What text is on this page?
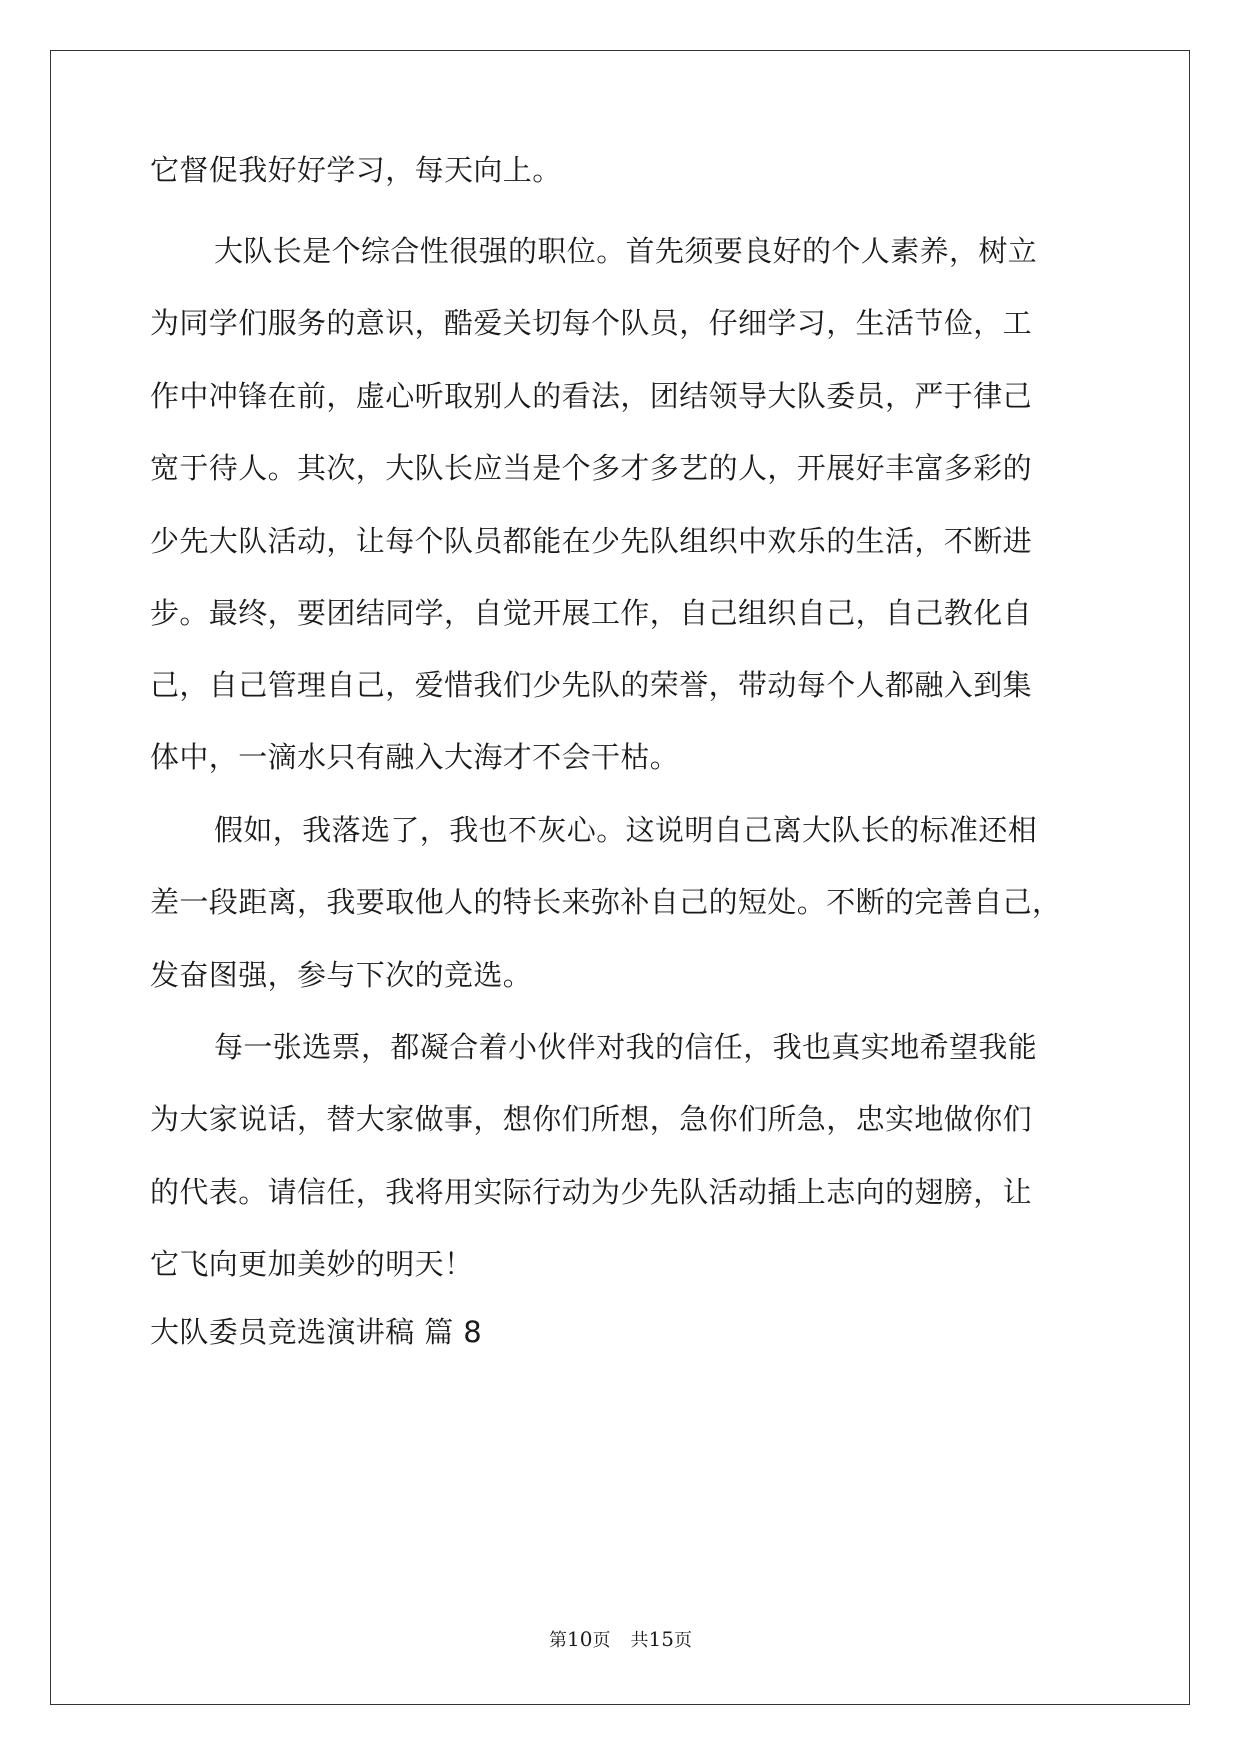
它督促我好好学习，每天向上。
大队长是个综合性很强的职位。首先须要良好的个人素养，树立
为同学们服务的意识，酷爱关切每个队员，仔细学习，生活节俭，工
作中冲锋在前，虚心听取别人的看法，团结领导大队委员，严于律己
宽于待人。其次，大队长应当是个多才多艺的人，开展好丰富多彩的
少先大队活动，让每个队员都能在少先队组织中欢乐的生活，不断进
步。最终，要团结同学，自觉开展工作，自己组织自己，自己教化自
己，自己管理自己，爱惜我们少先队的荣誉，带动每个人都融入到集
体中，一滴水只有融入大海才不会干枯。
假如，我落选了，我也不灰心。这说明自己离大队长的标准还相
差一段距离，我要取他人的特长来弥补自己的短处。不断的完善自己，
发奋图强，参与下次的竞选。
每一张选票，都凝合着小伙伴对我的信任，我也真实地希望我能
为大家说话，替大家做事，想你们所想，急你们所急，忠实地做你们
的代表。请信任，我将用实际行动为少先队活动插上志向的翅膀，让
它飞向更加美妙的明天！
大队委员竞选演讲稿 篇 8
第10页 共15页
